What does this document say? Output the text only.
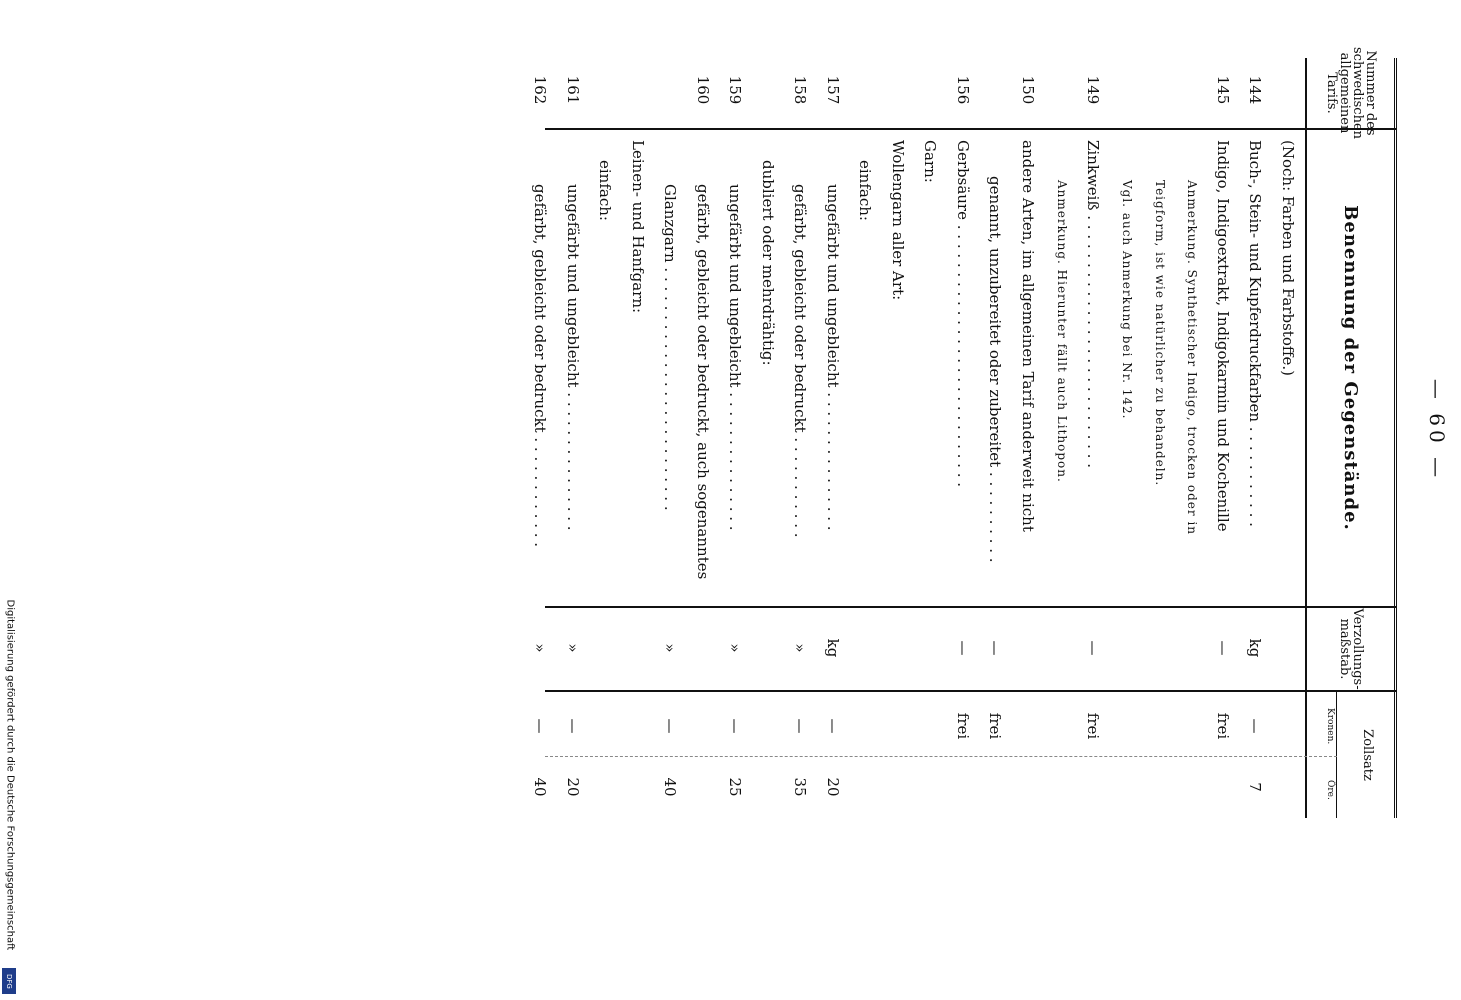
— 60 —
Nummer des schwedischen allgemeinen Tarifs.
Benennung der Gegenstände.
Verzollungs-maßstab.
Zollsatz
Kronen.
Öre.
(Noch: Farben und Farbstoffe.)
144
Buch-, Stein- und Kupferdruckfarben . . . . . . . . . . .
kg
—
7
145
Indigo, Indigoextrakt, Indigokarmin und Kochenille
—
frei
Anmerkung. Synthetischer Indigo, trocken oder in
Teigform, ist wie natürlicher zu behandeln.
Vgl. auch Anmerkung bei Nr. 142.
149
Zinkweiß . . . . . . . . . . . . . . . . . . . . . . . . . . .
—
frei
Anmerkung. Hierunter fällt auch Lithopon.
150
andere Arten, im allgemeinen Tarif anderweit nicht
genannt, unzubereitet oder zubereitet . . . . . . . . . .
—
frei
156
Gerbsäure . . . . . . . . . . . . . . . . . . . . . . . . . . . .
—
frei
Garn:
Wollengarn aller Art:
einfach:
157
ungefärbt und ungebleicht . . . . . . . . . . . . . . .
kg
—
20
158
gefärbt, gebleicht oder bedruckt . . . . . . . . . . .
»
—
35
dubliert oder mehrdrähtig:
159
ungefärbt und ungebleicht . . . . . . . . . . . . . . .
»
—
25
160
gefärbt, gebleicht oder bedruckt, auch sogenanntes
Glanzgarn . . . . . . . . . . . . . . . . . . . . . . . . . .
»
—
40
Leinen- und Hanfgarn:
einfach:
161
ungefärbt und ungebleicht . . . . . . . . . . . . . . .
»
—
20
162
gefärbt, gebleicht oder bedruckt . . . . . . . . . . . .
»
—
40
Digitalisierung gefördert durch die Deutsche Forschungsgemeinschaft
DFG
